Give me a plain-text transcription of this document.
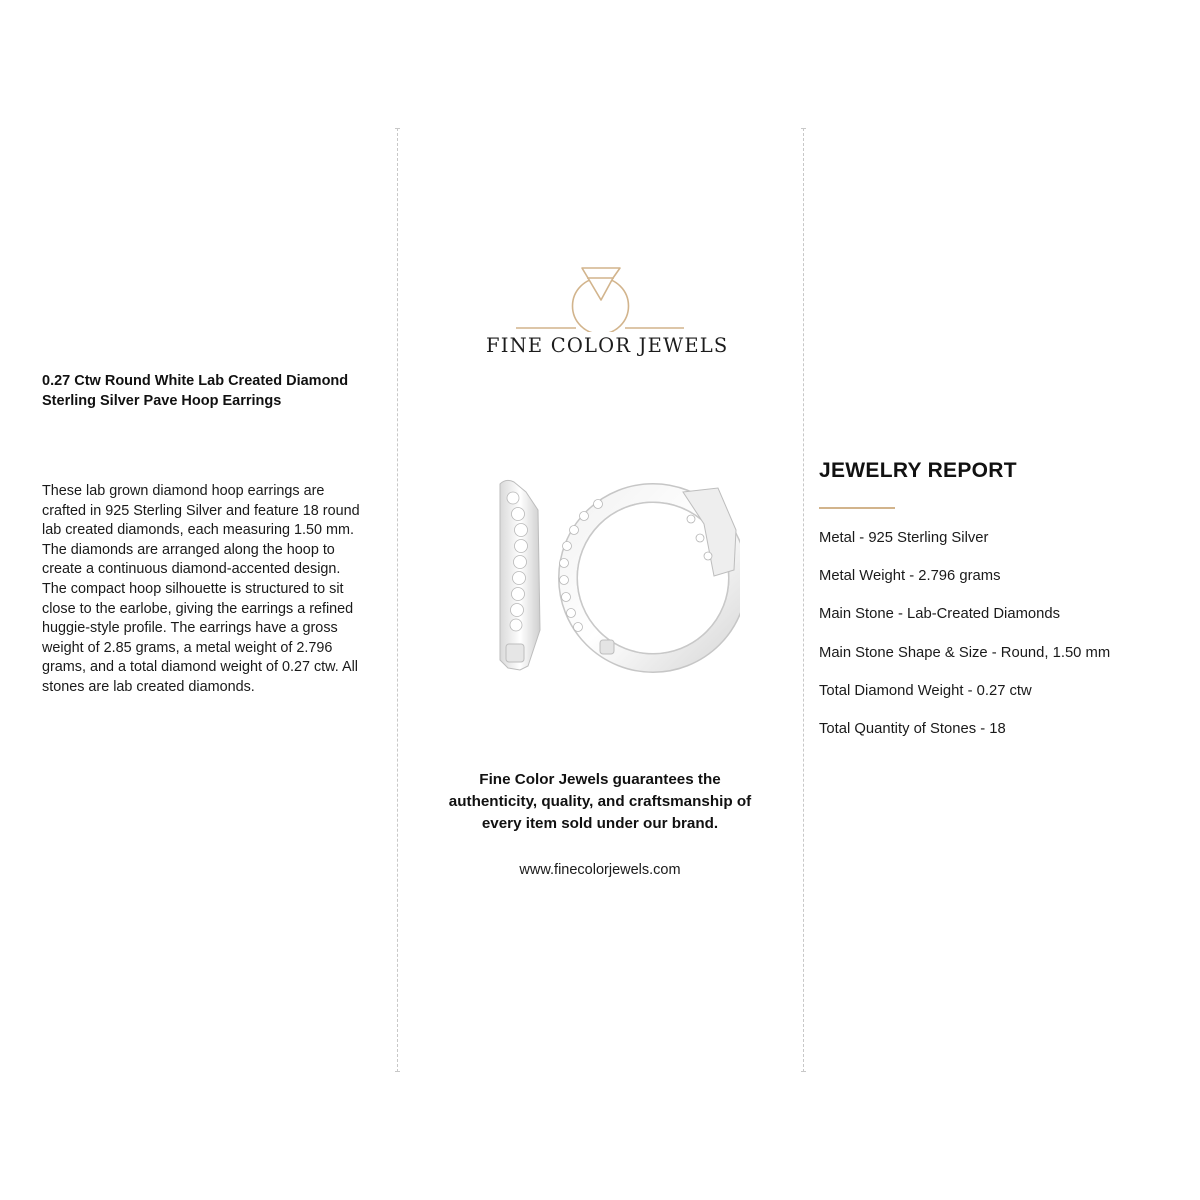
0.27 Ctw Round White Lab Created Diamond
Sterling Silver Pave Hoop Earrings
These lab grown diamond hoop earrings are crafted in 925 Sterling Silver and feature 18 round lab created diamonds, each measuring 1.50 mm. The diamonds are arranged along the hoop to create a continuous diamond-accented design. The compact hoop silhouette is structured to sit close to the earlobe, giving the earrings a refined huggie-style profile. The earrings have a gross weight of 2.85 grams, a metal weight of 2.796 grams, and a total diamond weight of 0.27 ctw. All stones are lab created diamonds.
FINE COLOR JEWELS
Fine Color Jewels guarantees the
authenticity, quality, and craftsmanship of
every item sold under our brand.
www.finecolorjewels.com
JEWELRY REPORT
Metal - 925 Sterling Silver
Metal Weight - 2.796 grams
Main Stone - Lab-Created Diamonds
Main Stone Shape & Size - Round, 1.50 mm
Total Diamond Weight - 0.27 ctw
Total Quantity of Stones - 18
